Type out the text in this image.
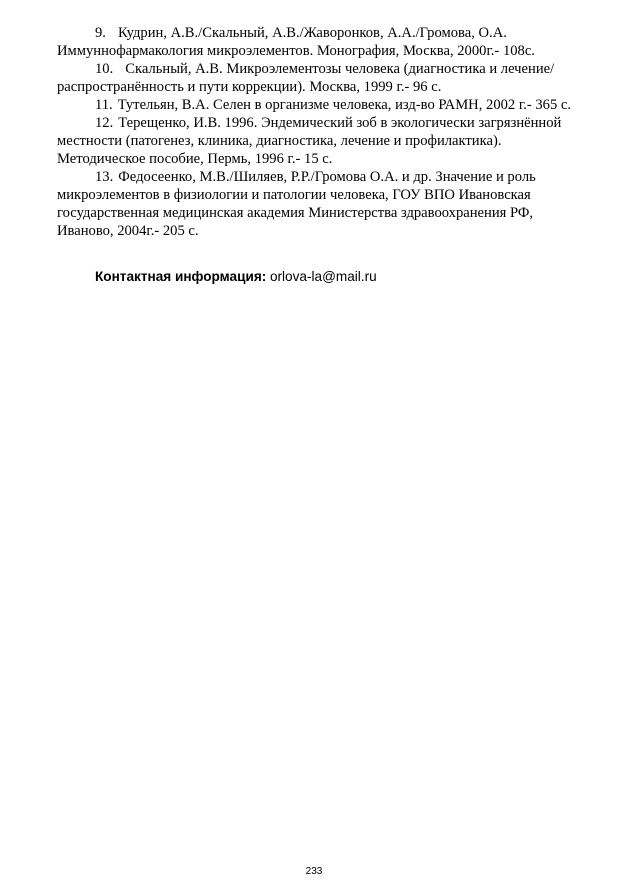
9. Кудрин, А.В./Скальный, А.В./Жаворонков, А.А./Громова, О.А. Иммуннофармакология микроэлементов. Монография, Москва, 2000г.- 108с.

10. Скальный, А.В. Микроэлементозы человека (диагностика и лечение/распространённость и пути коррекции). Москва, 1999 г.- 96 с.

11. Тутельян, В.А. Селен в организме человека, изд-во РАМН, 2002 г.- 365 с.

12. Терещенко, И.В. 1996. Эндемический зоб в экологически загрязнённой местности (патогенез, клиника, диагностика, лечение и профилактика). Методическое пособие, Пермь, 1996 г.- 15 с.

13. Федосеенко, М.В./Шиляев, Р.Р./Громова О.А. и др. Значение и роль микроэлементов в физиологии и патологии человека, ГОУ ВПО Ивановская государственная медицинская академия Министерства здравоохранения РФ, Иваново, 2004г.- 205 с.

Контактная информация: orlova-la@mail.ru
233
